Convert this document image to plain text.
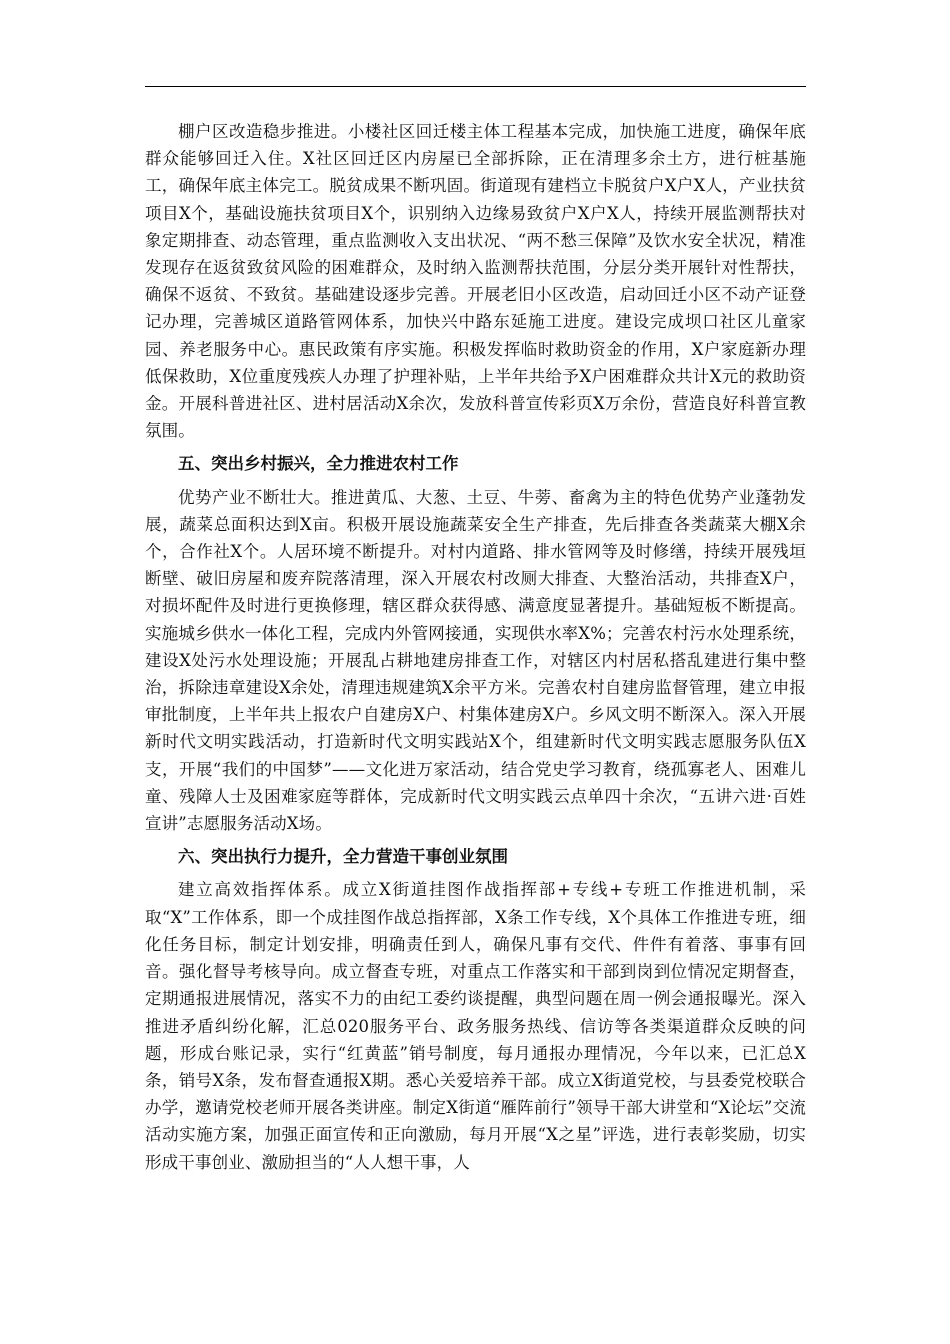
棚户区改造稳步推进。小楼社区回迁楼主体工程基本完成，加快施工进度，确保年底群众能够回迁入住。X社区回迁区内房屋已全部拆除，正在清理多余土方，进行桩基施工，确保年底主体完工。脱贫成果不断巩固。街道现有建档立卡脱贫户X户X人，产业扶贫项目X个，基础设施扶贫项目X个，识别纳入边缘易致贫户X户X人，持续开展监测帮扶对象定期排查、动态管理，重点监测收入支出状况、“两不愁三保障”及饮水安全状况，精准发现存在返贫致贫风险的困难群众，及时纳入监测帮扶范围，分层分类开展针对性帮扶，确保不返贫、不致贫。基础建设逐步完善。开展老旧小区改造，启动回迁小区不动产证登记办理，完善城区道路管网体系，加快兴中路东延施工进度。建设完成坝口社区儿童家园、养老服务中心。惠民政策有序实施。积极发挥临时救助资金的作用，X户家庭新办理低保救助，X位重度残疾人办理了护理补贴，上半年共给予X户困难群众共计X元的救助资金。开展科普进社区、进村居活动X余次，发放科普宣传彩页X万余份，营造良好科普宣教氛围。

五、突出乡村振兴，全力推进农村工作

优势产业不断壮大。推进黄瓜、大葱、土豆、牛蒡、畜禽为主的特色优势产业蓬勃发展，蔬菜总面积达到X亩。积极开展设施蔬菜安全生产排查，先后排查各类蔬菜大棚X余个，合作社X个。人居环境不断提升。对村内道路、排水管网等及时修缮，持续开展残垣断壁、破旧房屋和废弃院落清理，深入开展农村改厕大排查、大整治活动，共排查X户，对损坏配件及时进行更换修理，辖区群众获得感、满意度显著提升。基础短板不断提高。实施城乡供水一体化工程，完成内外管网接通，实现供水率X%；完善农村污水处理系统，建设X处污水处理设施；开展乱占耕地建房排查工作，对辖区内村居私搭乱建进行集中整治，拆除违章建设X余处，清理违规建筑X余平方米。完善农村自建房监督管理，建立申报审批制度，上半年共上报农户自建房X户、村集体建房X户。乡风文明不断深入。深入开展新时代文明实践活动，打造新时代文明实践站X个，组建新时代文明实践志愿服务队伍X支，开展“我们的中国梦”——文化进万家活动，结合党史学习教育，绕孤寡老人、困难儿童、残障人士及困难家庭等群体，完成新时代文明实践云点单四十余次，“五讲六进·百姓宣讲”志愿服务活动X场。

六、突出执行力提升，全力营造干事创业氛围

建立高效指挥体系。成立X街道挂图作战指挥部+专线+专班工作推进机制，采取“X”工作体系，即一个成挂图作战总指挥部，X条工作专线，X个具体工作推进专班，细化任务目标，制定计划安排，明确责任到人，确保凡事有交代、件件有着落、事事有回音。强化督导考核导向。成立督查专班，对重点工作落实和干部到岗到位情况定期督查，定期通报进展情况，落实不力的由纪工委约谈提醒，典型问题在周一例会通报曝光。深入推进矛盾纠纷化解，汇总020服务平台、政务服务热线、信访等各类渠道群众反映的问题，形成台账记录，实行“红黄蓝”销号制度，每月通报办理情况，今年以来，已汇总X条，销号X条，发布督查通报X期。悉心关爱培养干部。成立X街道党校，与县委党校联合办学，邀请党校老师开展各类讲座。制定X街道“雁阵前行”领导干部大讲堂和“X论坛”交流活动实施方案，加强正面宣传和正向激励，每月开展“X之星”评选，进行表彰奖励，切实形成干事创业、激励担当的“人人想干事，人
